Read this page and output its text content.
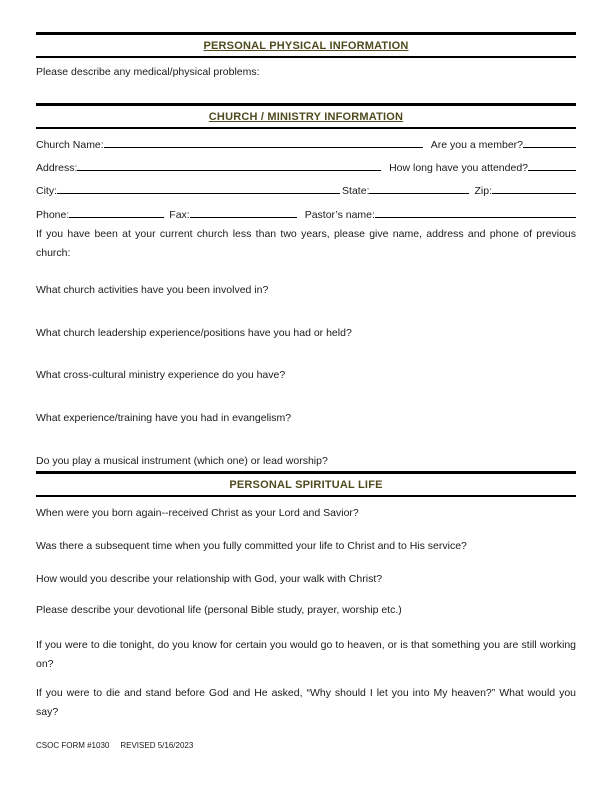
PERSONAL PHYSICAL INFORMATION
Please describe any medical/physical problems:
CHURCH / MINISTRY INFORMATION
Church Name:	Are you a member?
Address:	How long have you attended?
City:	State:	Zip:
Phone:	Fax:	Pastor’s name:
If you have been at your current church less than two years, please give name, address and phone of previous church:
What church activities have you been involved in?
What church leadership experience/positions have you had or held?
What cross-cultural ministry experience do you have?
What experience/training have you had in evangelism?
Do you play a musical instrument (which one) or lead worship?
PERSONAL SPIRITUAL LIFE
When were you born again--received Christ as your Lord and Savior?
Was there a subsequent time when you fully committed your life to Christ and to His service?
How would you describe your relationship with God, your walk with Christ?
Please describe your devotional life (personal Bible study, prayer, worship etc.)
If you were to die tonight, do you know for certain you would go to heaven, or is that something you are still working on?
If you were to die and stand before God and He asked, “Why should I let you into My heaven?” What would you say?
CSOC FORM #1030 REVISED 5/16/2023
